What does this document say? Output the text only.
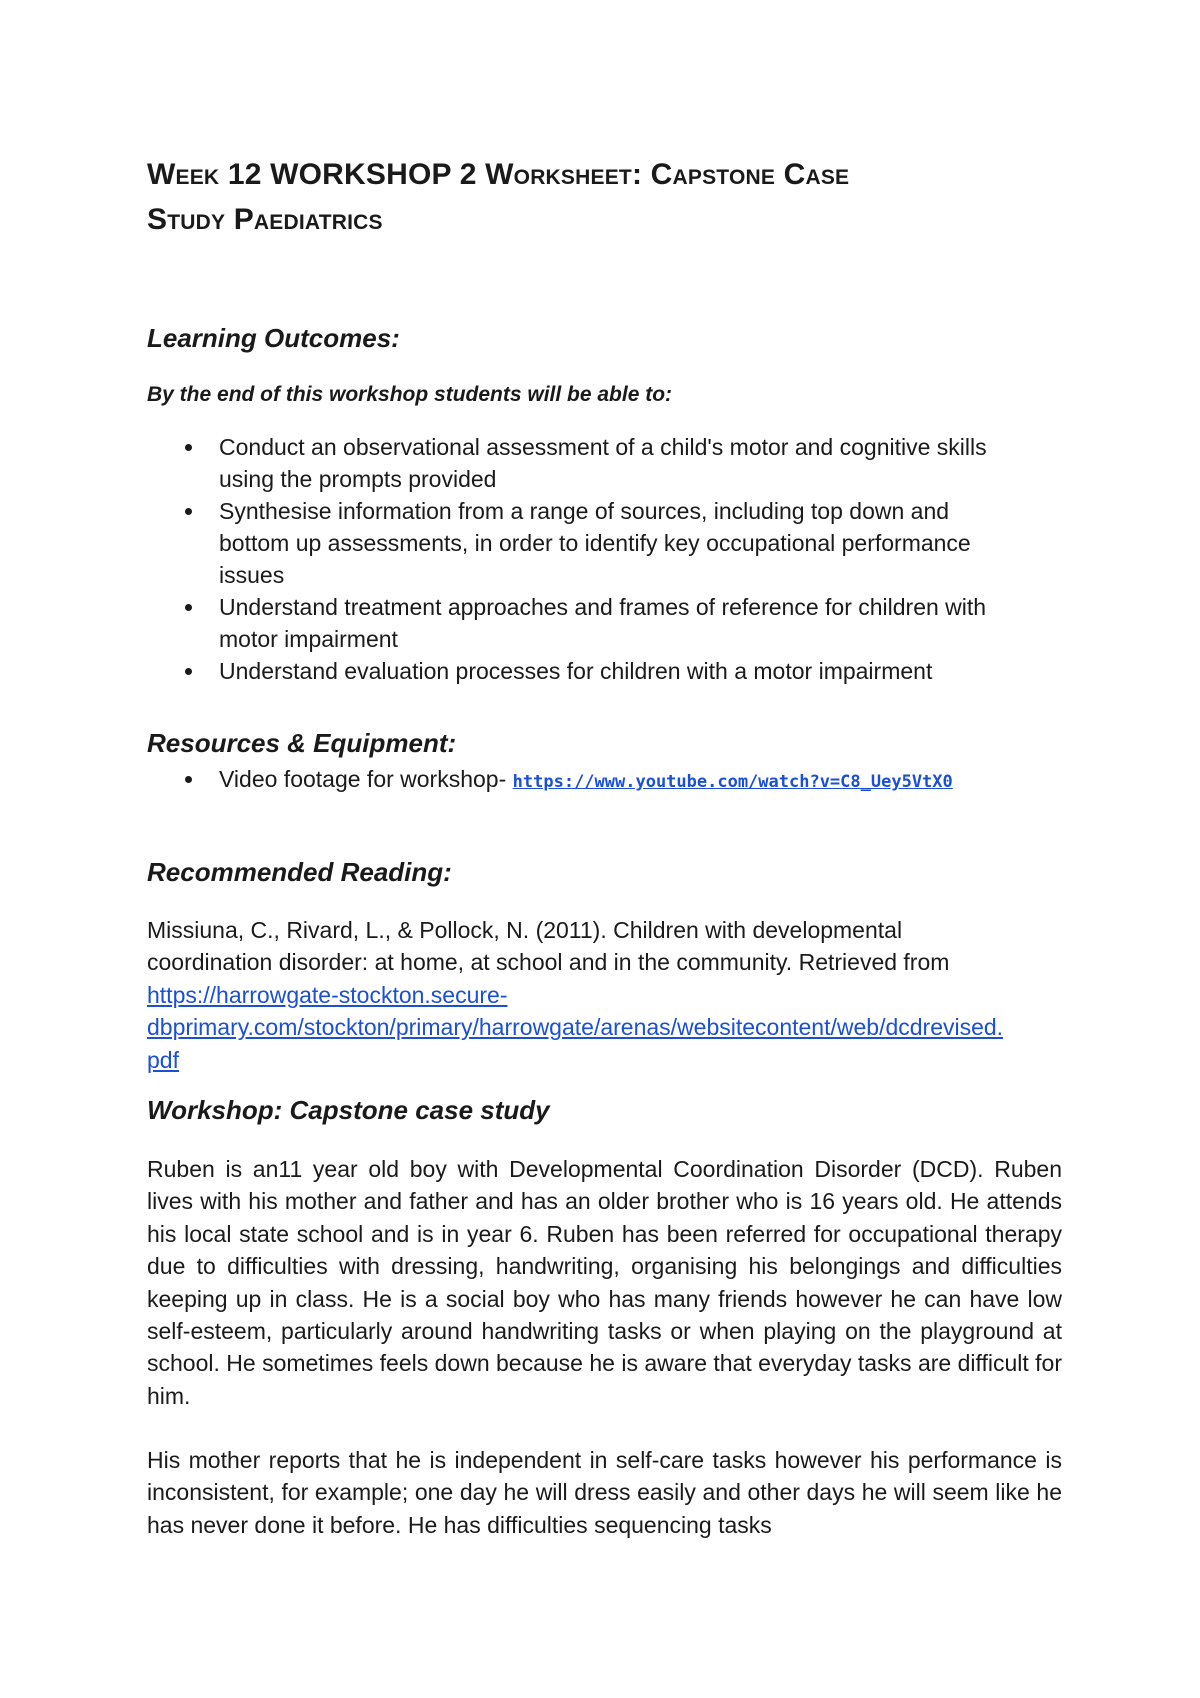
Week 12 WORKSHOP 2 Worksheet: Capstone Case
Study Paediatrics
Learning Outcomes:

By the end of this workshop students will be able to:

Conduct an observational assessment of a child's motor and cognitive skills
using the prompts provided
Synthesise information from a range of sources, including top down and
bottom up assessments, in order to identify key occupational performance
issues
Understand treatment approaches and frames of reference for children with
motor impairment
Understand evaluation processes for children with a motor impairment
Resources & Equipment:
Video footage for workshop- https://www.youtube.com/watch?v=C8_Uey5VtX0
Recommended Reading:

Missiuna, C., Rivard, L., & Pollock, N. (2011). Children with developmental
coordination disorder: at home, at school and in the community. Retrieved from
https://harrowgate-stockton.secure-
dbprimary.com/stockton/primary/harrowgate/arenas/websitecontent/web/dcdrevised.
pdf

Workshop: Capstone case study

Ruben is an11 year old boy with Developmental Coordination Disorder (DCD). Ruben lives with his mother and father and has an older brother who is 16 years old. He attends his local state school and is in year 6. Ruben has been referred for occupational therapy due to difficulties with dressing, handwriting, organising his belongings and difficulties keeping up in class. He is a social boy who has many friends however he can have low self-esteem, particularly around handwriting tasks or when playing on the playground at school. He sometimes feels down because he is aware that everyday tasks are difficult for him.

His mother reports that he is independent in self-care tasks however his performance is inconsistent, for example; one day he will dress easily and other days he will seem like he has never done it before. He has difficulties sequencing tasks
